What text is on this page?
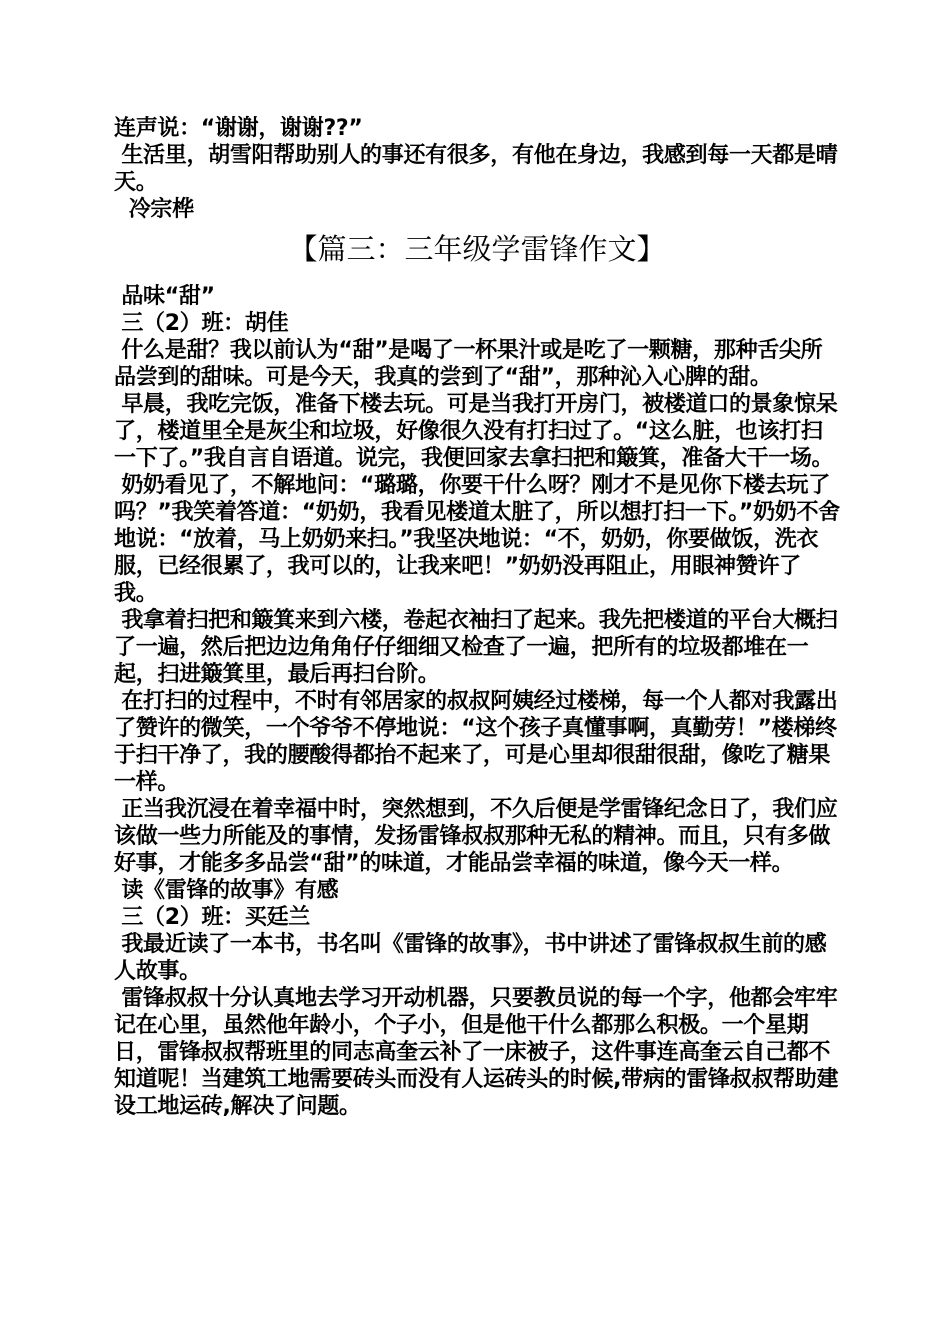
连声说：“谢谢，谢谢??”
生活里，胡雪阳帮助别人的事还有很多，有他在身边，我感到每一天都是晴天。
冷宗桦
【篇三：三年级学雷锋作文】
品味“甜”
三（2）班：胡佳
什么是甜？我以前认为“甜”是喝了一杯果汁或是吃了一颗糖，那种舌尖所品尝到的甜味。可是今天，我真的尝到了“甜”，那种沁入心脾的甜。
早晨，我吃完饭，准备下楼去玩。可是当我打开房门，被楼道口的景象惊呆了，楼道里全是灰尘和垃圾，好像很久没有打扫过了。“这么脏，也该打扫一下了。”我自言自语道。说完，我便回家去拿扫把和簸箕，准备大干一场。
奶奶看见了，不解地问：“璐璐，你要干什么呀？刚才不是见你下楼去玩了吗？”我笑着答道：“奶奶，我看见楼道太脏了，所以想打扫一下。”奶奶不舍地说：“放着，马上奶奶来扫。”我坚决地说：“不，奶奶，你要做饭，洗衣服，已经很累了，我可以的，让我来吧！”奶奶没再阻止，用眼神赞许了我。
我拿着扫把和簸箕来到六楼，卷起衣袖扫了起来。我先把楼道的平台大概扫了一遍，然后把边边角角仔仔细细又检查了一遍，把所有的垃圾都堆在一起，扫进簸箕里，最后再扫台阶。
在打扫的过程中，不时有邻居家的叔叔阿姨经过楼梯，每一个人都对我露出了赞许的微笑，一个爷爷不停地说：“这个孩子真懂事啊，真勤劳！”楼梯终于扫干净了，我的腰酸得都抬不起来了，可是心里却很甜很甜，像吃了糖果一样。
正当我沉浸在着幸福中时，突然想到，不久后便是学雷锋纪念日了，我们应该做一些力所能及的事情，发扬雷锋叔叔那种无私的精神。而且，只有多做好事，才能多多品尝“甜”的味道，才能品尝幸福的味道，像今天一样。
读《雷锋的故事》有感
三（2）班：买廷兰
我最近读了一本书，书名叫《雷锋的故事》，书中讲述了雷锋叔叔生前的感人故事。
雷锋叔叔十分认真地去学习开动机器，只要教员说的每一个字，他都会牢牢记在心里，虽然他年龄小，个子小，但是他干什么都那么积极。一个星期日，雷锋叔叔帮班里的同志高奎云补了一床被子，这件事连高奎云自己都不知道呢！当建筑工地需要砖头而没有人运砖头的时候,带病的雷锋叔叔帮助建设工地运砖,解决了问题。
